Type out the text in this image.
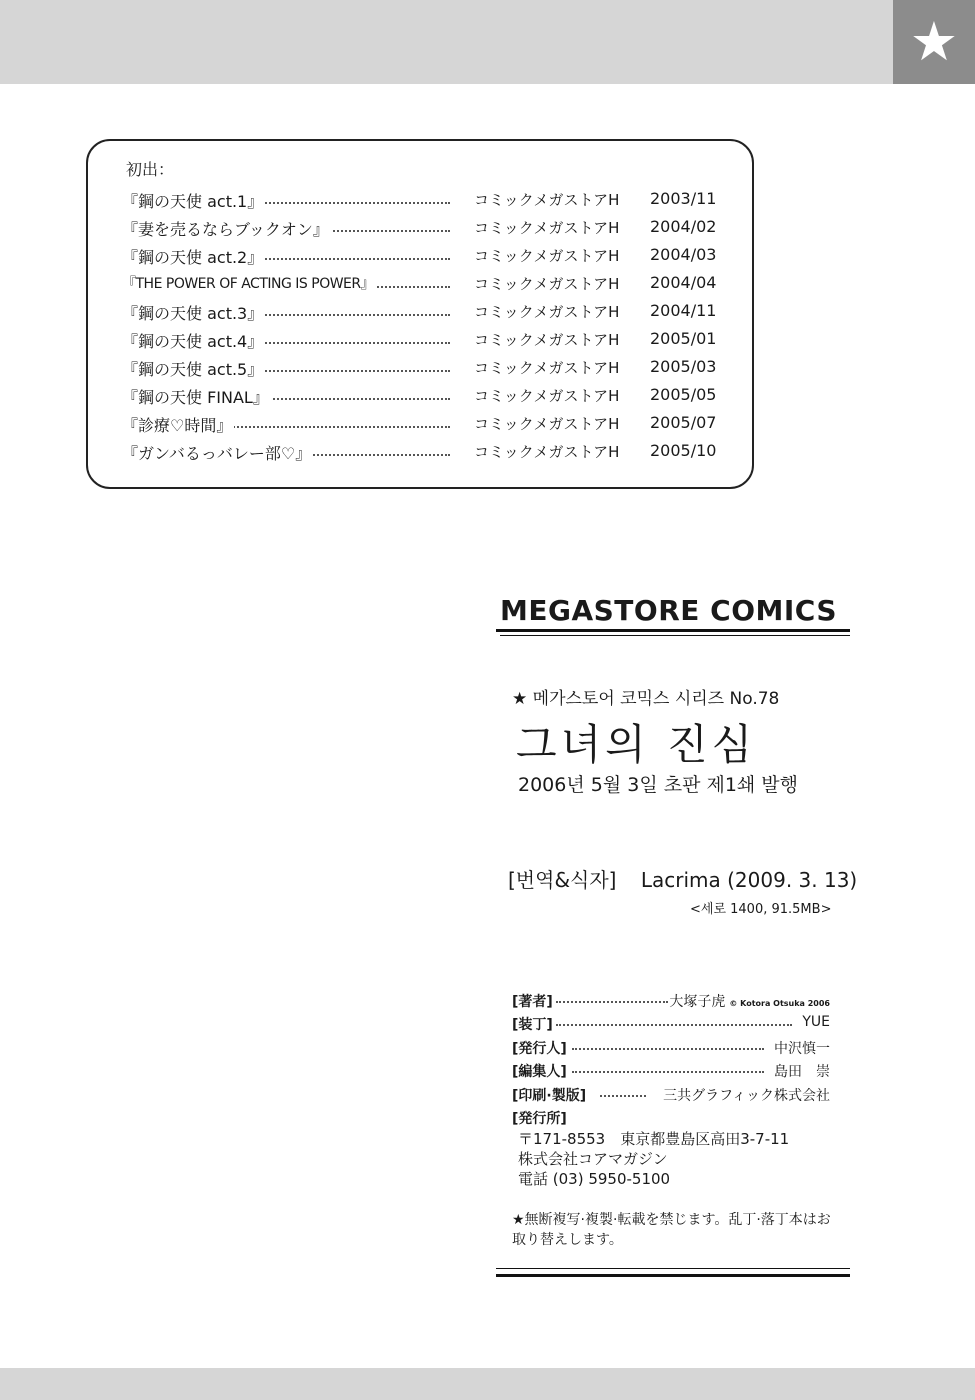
★
初出：
『鋼の天使 act.1』	コミックメガストアH 2003/11
『妻を売るならブックオン』	コミックメガストアH 2004/02
『鋼の天使 act.2』	コミックメガストアH 2004/03
『THE POWER OF ACTING IS POWER』	コミックメガストアH 2004/04
『鋼の天使 act.3』	コミックメガストアH 2004/11
『鋼の天使 act.4』	コミックメガストアH 2005/01
『鋼の天使 act.5』	コミックメガストアH 2005/03
『鋼の天使 FINAL』	コミックメガストアH 2005/05
『診療♡時間』	コミックメガストアH 2005/07
『ガンバるっバレー部♡』	コミックメガストアH 2005/10
MEGASTORE COMICS
★ 메가스토어 코믹스 시리즈 No.78
그녀의 진심
2006년 5월 3일 초판 제1쇄 발행
[번역&식자] Lacrima (2009. 3. 13)
<세로 1400, 91.5MB>
[著者]	大塚子虎 © Kotora Otsuka 2006
[装丁]	YUE
[発行人]	中沢慎一
[編集人]	島田　崇
[印刷·製版]	三共グラフィック株式会社
[発行所]
〒171-8553　東京都豊島区高田3-7-11
株式会社コアマガジン
電話 (03) 5950-5100
★無断複写·複製·転載を禁じます。乱丁·落丁本はお取り替えします。
